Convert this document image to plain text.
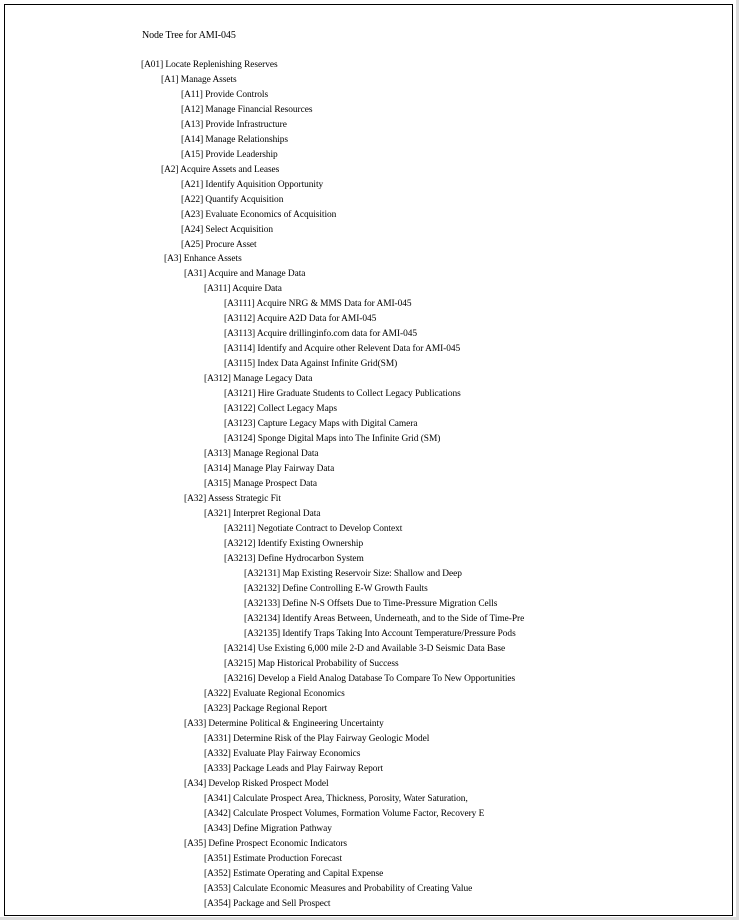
Node Tree for AMI-045
[A01] Locate Replenishing Reserves
[A1] Manage Assets
[A11] Provide Controls
[A12] Manage Financial Resources
[A13] Provide Infrastructure
[A14] Manage Relationships
[A15] Provide Leadership
[A2] Acquire Assets and Leases
[A21] Identify Aquisition Opportunity
[A22] Quantify Acquisition
[A23] Evaluate Economics of Acquisition
[A24] Select Acquisition
[A25] Procure Asset
[A3] Enhance Assets
[A31] Acquire and Manage Data
[A311] Acquire Data
[A3111] Acquire NRG & MMS Data for AMI-045
[A3112] Acquire A2D Data for AMI-045
[A3113] Acquire drillinginfo.com data for AMI-045
[A3114] Identify and Acquire other Relevent Data for AMI-045
[A3115] Index Data Against Infinite Grid(SM)
[A312] Manage Legacy Data
[A3121] Hire Graduate Students to Collect Legacy Publications
[A3122] Collect Legacy Maps
[A3123] Capture Legacy Maps with Digital Camera
[A3124] Sponge Digital Maps into The Infinite Grid (SM)
[A313] Manage Regional Data
[A314] Manage Play Fairway Data
[A315] Manage Prospect Data
[A32] Assess Strategic Fit
[A321] Interpret Regional Data
[A3211] Negotiate Contract to Develop Context
[A3212] Identify Existing Ownership
[A3213] Define Hydrocarbon System
[A32131] Map Existing Reservoir Size: Shallow and Deep
[A32132] Define Controlling E-W Growth Faults
[A32133] Define N-S Offsets Due to Time-Pressure Migration Cells
[A32134] Identify Areas Between, Underneath, and to the Side of Time-Pre
[A32135] Identify Traps Taking Into Account Temperature/Pressure Pods
[A3214] Use Existing 6,000 mile 2-D and Available 3-D Seismic Data Base
[A3215] Map Historical Probability of Success
[A3216] Develop a Field Analog Database To Compare To New Opportunities
[A322] Evaluate Regional Economics
[A323] Package Regional Report
[A33] Determine Political & Engineering Uncertainty
[A331] Determine Risk of the Play Fairway Geologic Model
[A332] Evaluate Play Fairway Economics
[A333] Package Leads and Play Fairway Report
[A34] Develop Risked Prospect Model
[A341] Calculate Prospect Area, Thickness, Porosity, Water Saturation,
[A342] Calculate Prospect Volumes, Formation Volume Factor, Recovery E
[A343] Define Migration Pathway
[A35] Define Prospect Economic Indicators
[A351] Estimate Production Forecast
[A352] Estimate Operating and Capital Expense
[A353] Calculate Economic Measures and Probability of Creating Value
[A354] Package and Sell Prospect
